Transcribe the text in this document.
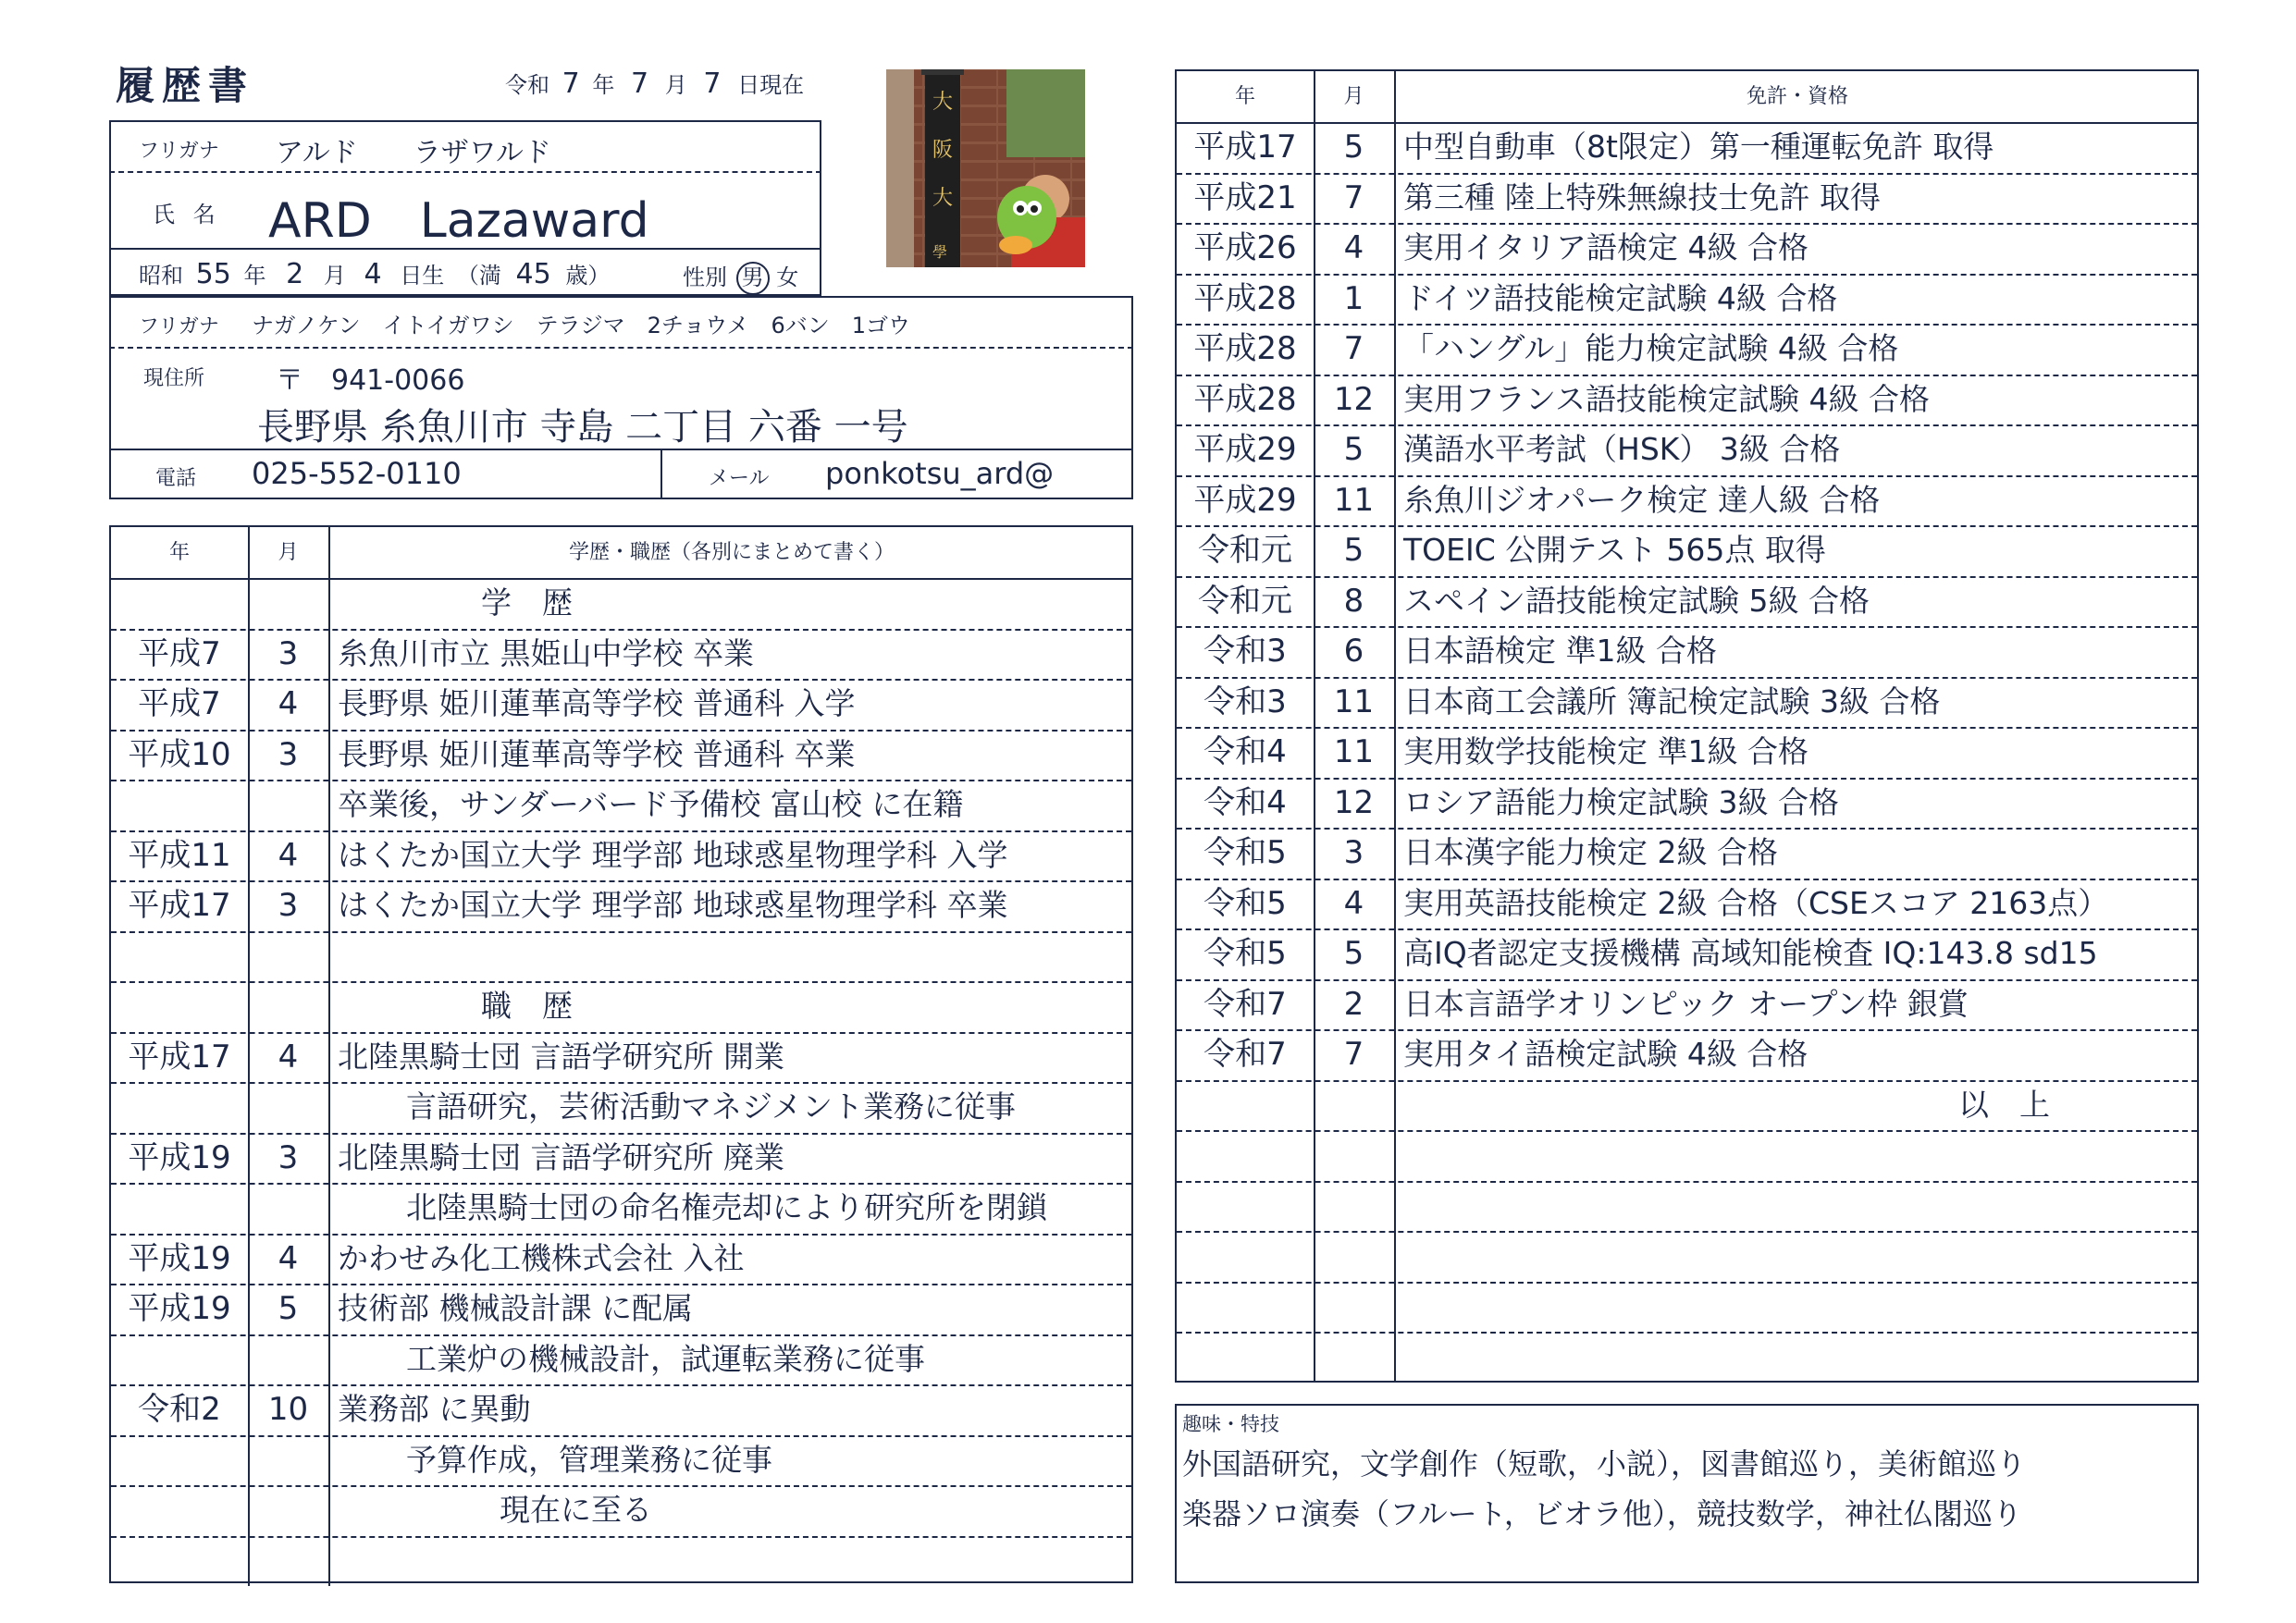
履歴書	令和 7 年 7 月 7 日現在
大
阪
大
學
フリガナ アルド　　ラザワルド
氏 名 ARD　Lazaward
昭和 55 年 2 月 4 日生 （満 45 歳）	性別 男 女
フリガナ ナガノケン　イトイガワシ　テラジマ　2チョウメ　6バン　1ゴウ
現住所	〒　941-0066
長野県 糸魚川市 寺島 二丁目 六番 一号
電話 025-552-0110	メール ponkotsu_ard@
年	月	学歴・職歴（各別にまとめて書く）
学　歴
平成7	3	糸魚川市立 黒姫山中学校 卒業
平成7	4	長野県 姫川蓮華高等学校 普通科 入学
平成10	3	長野県 姫川蓮華高等学校 普通科 卒業
卒業後，サンダーバード予備校 富山校 に在籍
平成11	4	はくたか国立大学 理学部 地球惑星物理学科 入学
平成17	3	はくたか国立大学 理学部 地球惑星物理学科 卒業
職　歴
平成17	4	北陸黒騎士団 言語学研究所 開業
言語研究，芸術活動マネジメント業務に従事
平成19	3	北陸黒騎士団 言語学研究所 廃業
北陸黒騎士団の命名権売却により研究所を閉鎖
平成19	4	かわせみ化工機株式会社 入社
平成19	5	技術部 機械設計課 に配属
工業炉の機械設計，試運転業務に従事
令和2	10 業務部 に異動
予算作成，管理業務に従事
現在に至る
年	月	免許・資格
平成17	5	中型自動車（8t限定）第一種運転免許 取得
平成21	7	第三種 陸上特殊無線技士免許 取得
平成26	4	実用イタリア語検定 4級 合格
平成28	1	ドイツ語技能検定試験 4級 合格
平成28	7	「ハングル」能力検定試験 4級 合格
平成28	12 実用フランス語技能検定試験 4級 合格
平成29	5	漢語水平考試（HSK） 3級 合格
平成29	11 糸魚川ジオパーク検定 達人級 合格
令和元	5	TOEIC 公開テスト 565点 取得
令和元	8	スペイン語技能検定試験 5級 合格
令和3	6	日本語検定 準1級 合格
令和3	11 日本商工会議所 簿記検定試験 3級 合格
令和4	11 実用数学技能検定 準1級 合格
令和4	12 ロシア語能力検定試験 3級 合格
令和5	3	日本漢字能力検定 2級 合格
令和5	4	実用英語技能検定 2級 合格（CSEスコア 2163点）
令和5	5	高IQ者認定支援機構 高域知能検査 IQ:143.8 sd15
令和7	2	日本言語学オリンピック オープン枠 銀賞
令和7	7	実用タイ語検定試験 4級 合格
以　上
趣味・特技
外国語研究，文学創作（短歌，小説），図書館巡り，美術館巡り
楽器ソロ演奏（フルート，ビオラ他），競技数学，神社仏閣巡り
